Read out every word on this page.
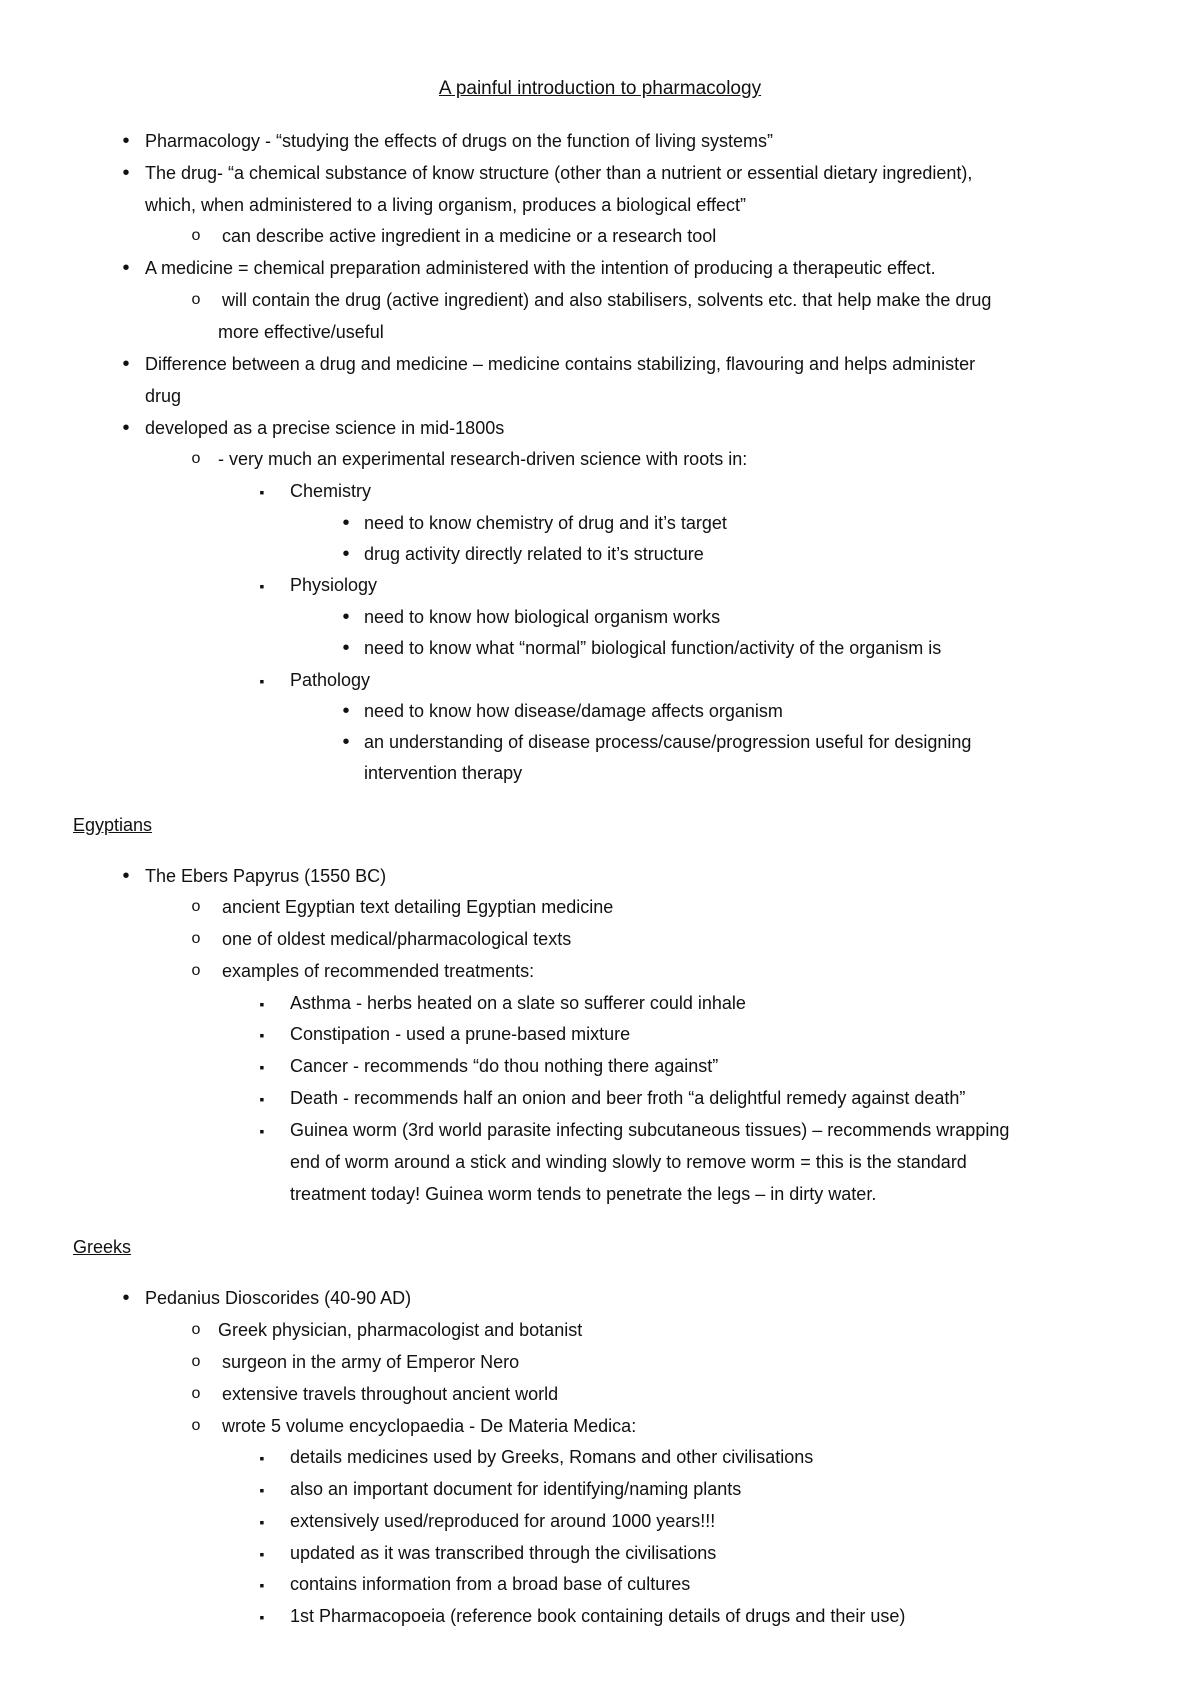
A painful introduction to pharmacology
•
Pharmacology - “studying the effects of drugs on the function of living systems”
•
The drug- “a chemical substance of know structure (other than a nutrient or essential dietary ingredient),
which, when administered to a living organism, produces a biological effect”
o	can describe active ingredient in a medicine or a research tool
•
A medicine = chemical preparation administered with the intention of producing a therapeutic effect.
o	will contain the drug (active ingredient) and also stabilisers, solvents etc. that help make the drug
more effective/useful
•
Difference between a drug and medicine – medicine contains stabilizing, flavouring and helps administer
drug
•
developed as a precise science in mid-1800s
o - very much an experimental research-driven science with roots in:
▪
Chemistry
•
need to know chemistry of drug and it’s target
•
drug activity directly related to it’s structure
▪
Physiology
•
need to know how biological organism works
•
need to know what “normal” biological function/activity of the organism is
▪
Pathology
•
need to know how disease/damage affects organism
•
an understanding of disease process/cause/progression useful for designing
intervention therapy
Egyptians
•
The Ebers Papyrus (1550 BC)
o	ancient Egyptian text detailing Egyptian medicine
o	one of oldest medical/pharmacological texts
o	examples of recommended treatments:
▪
Asthma - herbs heated on a slate so sufferer could inhale
▪
Constipation - used a prune-based mixture
▪
Cancer - recommends “do thou nothing there against”
▪
Death - recommends half an onion and beer froth “a delightful remedy against death”
▪
Guinea worm (3rd world parasite infecting subcutaneous tissues) – recommends wrapping
end of worm around a stick and winding slowly to remove worm = this is the standard
treatment today! Guinea worm tends to penetrate the legs – in dirty water.
Greeks
•
Pedanius Dioscorides (40-90 AD)
o Greek physician, pharmacologist and botanist
o	surgeon in the army of Emperor Nero
o	extensive travels throughout ancient world
o	wrote 5 volume encyclopaedia - De Materia Medica:
▪
details medicines used by Greeks, Romans and other civilisations
▪
also an important document for identifying/naming plants
▪
extensively used/reproduced for around 1000 years!!!
▪
updated as it was transcribed through the civilisations
▪
contains information from a broad base of cultures
▪
1st Pharmacopoeia (reference book containing details of drugs and their use)
